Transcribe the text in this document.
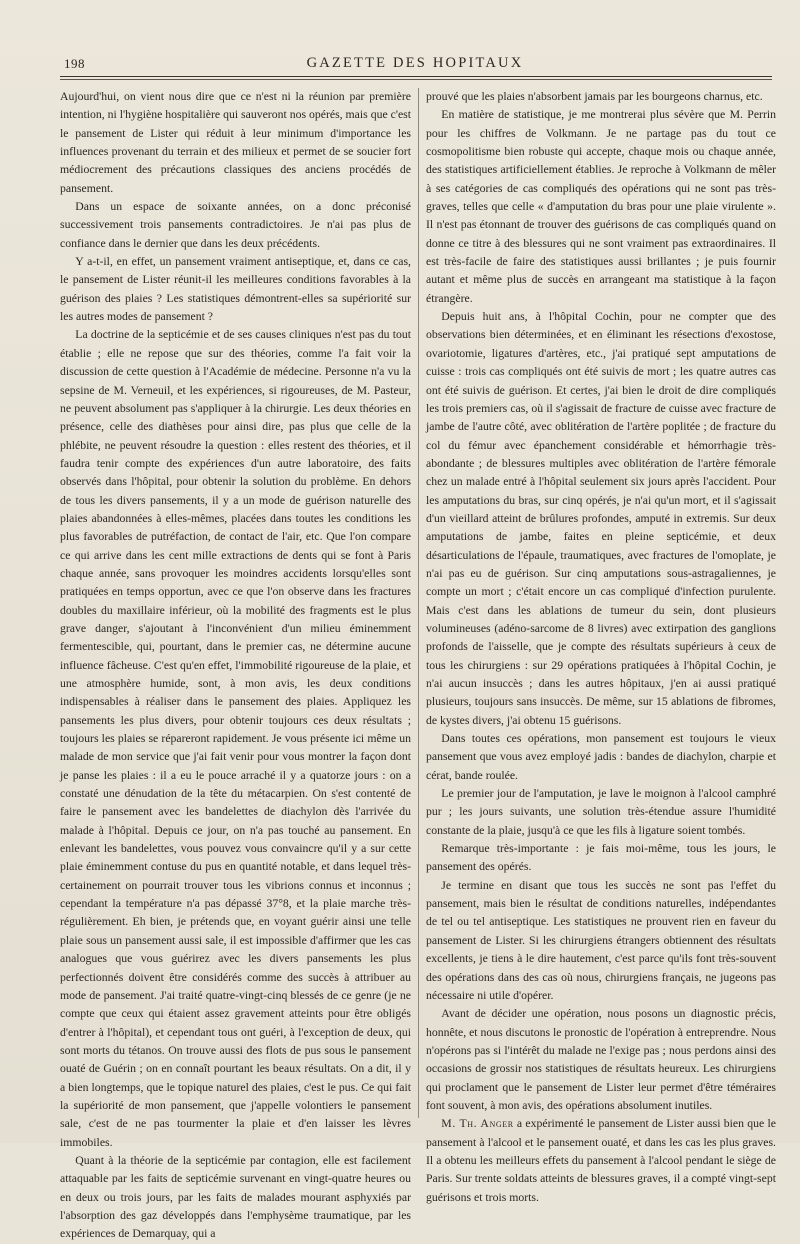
198	GAZETTE DES HOPITAUX

Aujourd'hui, on vient nous dire que ce n'est ni la réunion par première intention, ni l'hygiène hospitalière qui sauveront nos opérés, mais que c'est le pansement de Lister qui réduit à leur minimum d'importance les influences provenant du terrain et des milieux et permet de se soucier fort médiocrement des précautions classiques des anciens procédés de pansement.

Dans un espace de soixante années, on a donc préconisé successivement trois pansements contradictoires. Je n'ai pas plus de confiance dans le dernier que dans les deux précédents.

Y a-t-il, en effet, un pansement vraiment antiseptique, et, dans ce cas, le pansement de Lister réunit-il les meilleures conditions favorables à la guérison des plaies ? Les statistiques démontrent-elles sa supériorité sur les autres modes de pansement ?

La doctrine de la septicémie et de ses causes cliniques n'est pas du tout établie ; elle ne repose que sur des théories, comme l'a fait voir la discussion de cette question à l'Académie de médecine. Personne n'a vu la sepsine de M. Verneuil, et les expériences, si rigoureuses, de M. Pasteur, ne peuvent absolument pas s'appliquer à la chirurgie. Les deux théories en présence, celle des diathèses pour ainsi dire, pas plus que celle de la phlébite, ne peuvent résoudre la question : elles restent des théories, et il faudra tenir compte des expériences d'un autre laboratoire, des faits observés dans l'hôpital, pour obtenir la solution du problème. En dehors de tous les divers pansements, il y a un mode de guérison naturelle des plaies abandonnées à elles-mêmes, placées dans toutes les conditions les plus favorables de putréfaction, de contact de l'air, etc. Que l'on compare ce qui arrive dans les cent mille extractions de dents qui se font à Paris chaque année, sans provoquer les moindres accidents lorsqu'elles sont pratiquées en temps opportun, avec ce que l'on observe dans les fractures doubles du maxillaire inférieur, où la mobilité des fragments est le plus grave danger, s'ajoutant à l'inconvénient d'un milieu éminemment fermentescible, qui, pourtant, dans le premier cas, ne détermine aucune influence fâcheuse. C'est qu'en effet, l'immobilité rigoureuse de la plaie, et une atmosphère humide, sont, à mon avis, les deux conditions indispensables à réaliser dans le pansement des plaies. Appliquez les pansements les plus divers, pour obtenir toujours ces deux résultats ; toujours les plaies se répareront rapidement. Je vous présente ici même un malade de mon service que j'ai fait venir pour vous montrer la façon dont je panse les plaies : il a eu le pouce arraché il y a quatorze jours : on a constaté une dénudation de la tête du métacarpien. On s'est contenté de faire le pansement avec les bandelettes de diachylon dès l'arrivée du malade à l'hôpital. Depuis ce jour, on n'a pas touché au pansement. En enlevant les bandelettes, vous pouvez vous convaincre qu'il y a sur cette plaie éminemment contuse du pus en quantité notable, et dans lequel très-certainement on pourrait trouver tous les vibrions connus et inconnus ; cependant la température n'a pas dépassé 37°8, et la plaie marche très-régulièrement. Eh bien, je prétends que, en voyant guérir ainsi une telle plaie sous un pansement aussi sale, il est impossible d'affirmer que les cas analogues que vous guérirez avec les divers pansements les plus perfectionnés doivent être considérés comme des succès à attribuer au mode de pansement. J'ai traité quatre-vingt-cinq blessés de ce genre (je ne compte que ceux qui étaient assez gravement atteints pour être obligés d'entrer à l'hôpital), et cependant tous ont guéri, à l'exception de deux, qui sont morts du tétanos. On trouve aussi des flots de pus sous le pansement ouaté de Guérin ; on en connaît pourtant les beaux résultats. On a dit, il y a bien longtemps, que le topique naturel des plaies, c'est le pus. Ce qui fait la supériorité de mon pansement, que j'appelle volontiers le pansement sale, c'est de ne pas tourmenter la plaie et d'en laisser les lèvres immobiles.

Quant à la théorie de la septicémie par contagion, elle est facilement attaquable par les faits de septicémie survenant en vingt-quatre heures ou en deux ou trois jours, par les faits de malades mourant asphyxiés par l'absorption des gaz développés dans l'emphysème traumatique, par les expériences de Demarquay, qui a

prouvé que les plaies n'absorbent jamais par les bourgeons charnus, etc.

En matière de statistique, je me montrerai plus sévère que M. Perrin pour les chiffres de Volkmann. Je ne partage pas du tout ce cosmopolitisme bien robuste qui accepte, chaque mois ou chaque année, des statistiques artificiellement établies. Je reproche à Volkmann de mêler à ses catégories de cas compliqués des opérations qui ne sont pas très-graves, telles que celle « d'amputation du bras pour une plaie virulente ». Il n'est pas étonnant de trouver des guérisons de cas compliqués quand on donne ce titre à des blessures qui ne sont vraiment pas extraordinaires. Il est très-facile de faire des statistiques aussi brillantes ; je puis fournir autant et même plus de succès en arrangeant ma statistique à la façon étrangère.

Depuis huit ans, à l'hôpital Cochin, pour ne compter que des observations bien déterminées, et en éliminant les résections d'exostose, ovariotomie, ligatures d'artères, etc., j'ai pratiqué sept amputations de cuisse : trois cas compliqués ont été suivis de mort ; les quatre autres cas ont été suivis de guérison. Et certes, j'ai bien le droit de dire compliqués les trois premiers cas, où il s'agissait de fracture de cuisse avec fracture de jambe de l'autre côté, avec oblitération de l'artère poplitée ; de fracture du col du fémur avec épanchement considérable et hémorrhagie très-abondante ; de blessures multiples avec oblitération de l'artère fémorale chez un malade entré à l'hôpital seulement six jours après l'accident. Pour les amputations du bras, sur cinq opérés, je n'ai qu'un mort, et il s'agissait d'un vieillard atteint de brûlures profondes, amputé in extremis. Sur deux amputations de jambe, faites en pleine septicémie, et deux désarticulations de l'épaule, traumatiques, avec fractures de l'omoplate, je n'ai pas eu de guérison. Sur cinq amputations sous-astragaliennes, je compte un mort ; c'était encore un cas compliqué d'infection purulente. Mais c'est dans les ablations de tumeur du sein, dont plusieurs volumineuses (adéno-sarcome de 8 livres) avec extirpation des ganglions profonds de l'aisselle, que je compte des résultats supérieurs à ceux de tous les chirurgiens : sur 29 opérations pratiquées à l'hôpital Cochin, je n'ai aucun insuccès ; dans les autres hôpitaux, j'en ai aussi pratiqué plusieurs, toujours sans insuccès. De même, sur 15 ablations de fibromes, de kystes divers, j'ai obtenu 15 guérisons.

Dans toutes ces opérations, mon pansement est toujours le vieux pansement que vous avez employé jadis : bandes de diachylon, charpie et cérat, bande roulée.

Le premier jour de l'amputation, je lave le moignon à l'alcool camphré pur ; les jours suivants, une solution très-étendue assure l'humidité constante de la plaie, jusqu'à ce que les fils à ligature soient tombés.

Remarque très-importante : je fais moi-même, tous les jours, le pansement des opérés.

Je termine en disant que tous les succès ne sont pas l'effet du pansement, mais bien le résultat de conditions naturelles, indépendantes de tel ou tel antiseptique. Les statistiques ne prouvent rien en faveur du pansement de Lister. Si les chirurgiens étrangers obtiennent des résultats excellents, je tiens à le dire hautement, c'est parce qu'ils font très-souvent des opérations dans des cas où nous, chirurgiens français, ne jugeons pas nécessaire ni utile d'opérer.

Avant de décider une opération, nous posons un diagnostic précis, honnête, et nous discutons le pronostic de l'opération à entreprendre. Nous n'opérons pas si l'intérêt du malade ne l'exige pas ; nous perdons ainsi des occasions de grossir nos statistiques de résultats heureux. Les chirurgiens qui proclament que le pansement de Lister leur permet d'être téméraires font souvent, à mon avis, des opérations absolument inutiles.

M. Th. Anger a expérimenté le pansement de Lister aussi bien que le pansement à l'alcool et le pansement ouaté, et dans les cas les plus graves. Il a obtenu les meilleurs effets du pansement à l'alcool pendant le siège de Paris. Sur trente soldats atteints de blessures graves, il a compté vingt-sept guérisons et trois morts.
